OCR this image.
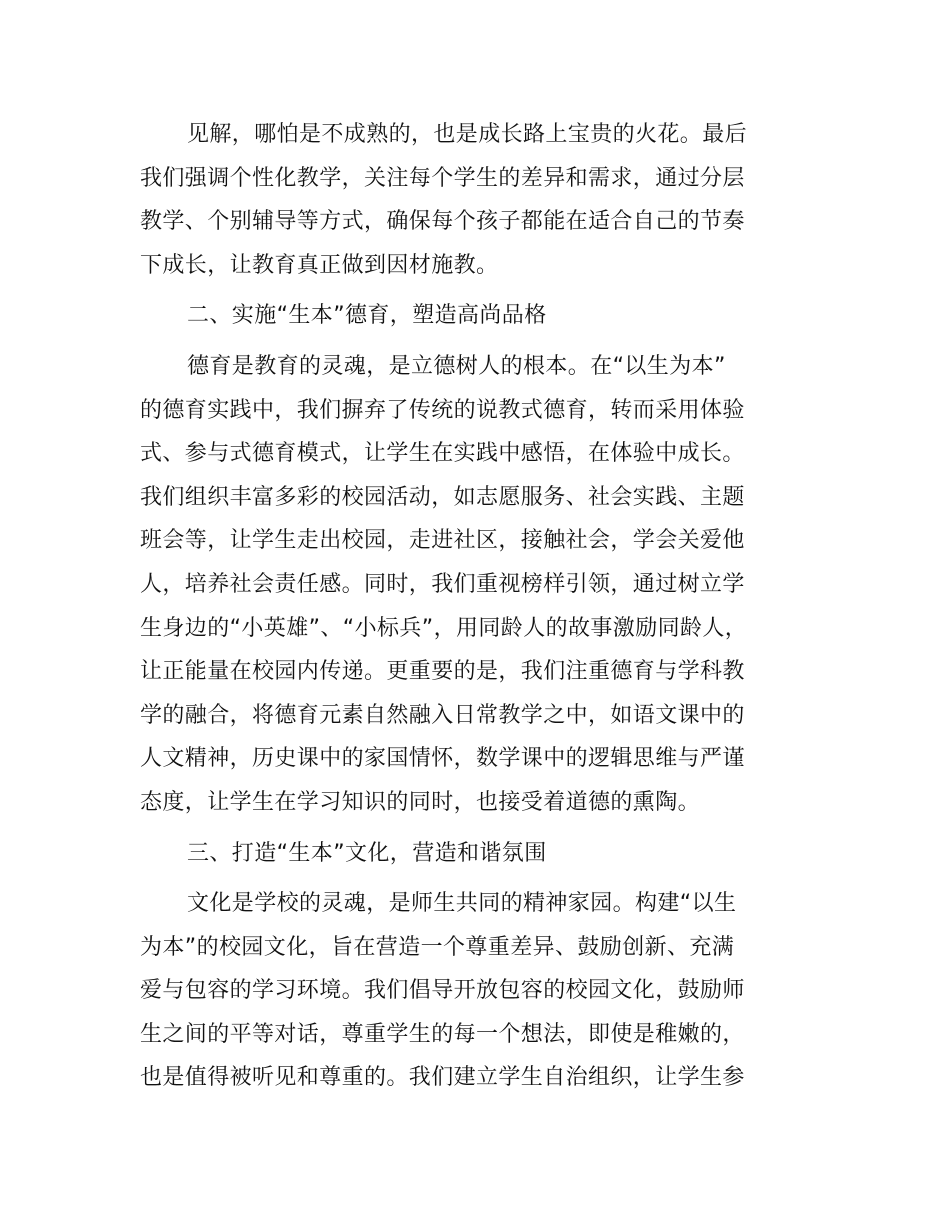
见解，哪怕是不成熟的，也是成长路上宝贵的火花。最后
我们强调个性化教学，关注每个学生的差异和需求，通过分层
教学、个别辅导等方式，确保每个孩子都能在适合自己的节奏
下成长，让教育真正做到因材施教。
二、实施“生本”德育，塑造高尚品格
德育是教育的灵魂，是立德树人的根本。在“以生为本”
的德育实践中，我们摒弃了传统的说教式德育，转而采用体验
式、参与式德育模式，让学生在实践中感悟，在体验中成长。
我们组织丰富多彩的校园活动，如志愿服务、社会实践、主题
班会等，让学生走出校园，走进社区，接触社会，学会关爱他
人，培养社会责任感。同时，我们重视榜样引领，通过树立学
生身边的“小英雄”、“小标兵”，用同龄人的故事激励同龄人，
让正能量在校园内传递。更重要的是，我们注重德育与学科教
学的融合，将德育元素自然融入日常教学之中，如语文课中的
人文精神，历史课中的家国情怀，数学课中的逻辑思维与严谨
态度，让学生在学习知识的同时，也接受着道德的熏陶。
三、打造“生本”文化，营造和谐氛围
文化是学校的灵魂，是师生共同的精神家园。构建“以生
为本”的校园文化，旨在营造一个尊重差异、鼓励创新、充满
爱与包容的学习环境。我们倡导开放包容的校园文化，鼓励师
生之间的平等对话，尊重学生的每一个想法，即使是稚嫩的，
也是值得被听见和尊重的。我们建立学生自治组织，让学生参
